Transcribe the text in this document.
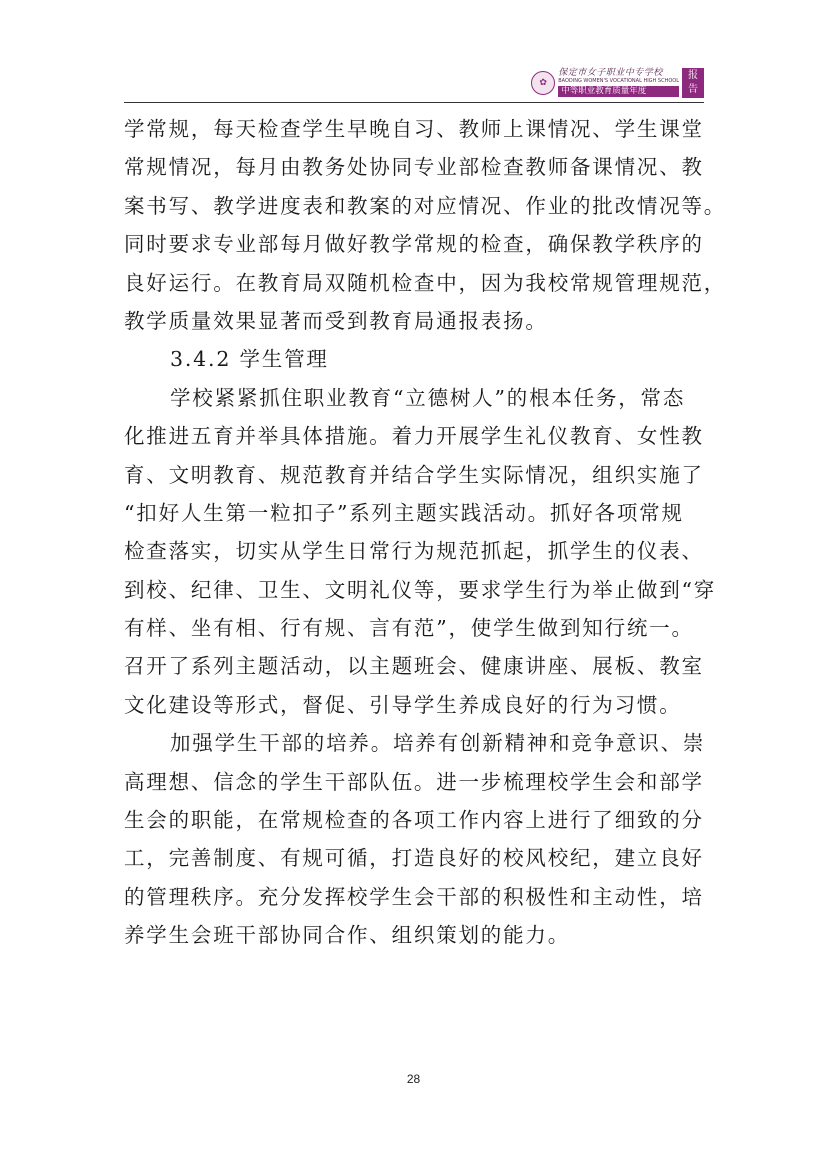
✿
保定市女子职业中专学校
BAODING WOMEN'S VOCATIONAL HIGH SCHOOL
中等职业教育质量年度
报
告
学常规，每天检查学生早晚自习、教师上课情况、学生课堂
常规情况，每月由教务处协同专业部检查教师备课情况、教
案书写、教学进度表和教案的对应情况、作业的批改情况等。
同时要求专业部每月做好教学常规的检查，确保教学秩序的
良好运行。在教育局双随机检查中，因为我校常规管理规范，
教学质量效果显著而受到教育局通报表扬。
3.4.2 学生管理
学校紧紧抓住职业教育“立德树人”的根本任务，常态
化推进五育并举具体措施。着力开展学生礼仪教育、女性教
育、文明教育、规范教育并结合学生实际情况，组织实施了
“扣好人生第一粒扣子”系列主题实践活动。抓好各项常规
检查落实，切实从学生日常行为规范抓起，抓学生的仪表、
到校、纪律、卫生、文明礼仪等，要求学生行为举止做到“穿
有样、坐有相、行有规、言有范”，使学生做到知行统一。
召开了系列主题活动，以主题班会、健康讲座、展板、教室
文化建设等形式，督促、引导学生养成良好的行为习惯。
加强学生干部的培养。培养有创新精神和竞争意识、崇
高理想、信念的学生干部队伍。进一步梳理校学生会和部学
生会的职能，在常规检查的各项工作内容上进行了细致的分
工，完善制度、有规可循，打造良好的校风校纪，建立良好
的管理秩序。充分发挥校学生会干部的积极性和主动性，培
养学生会班干部协同合作、组织策划的能力。
28
